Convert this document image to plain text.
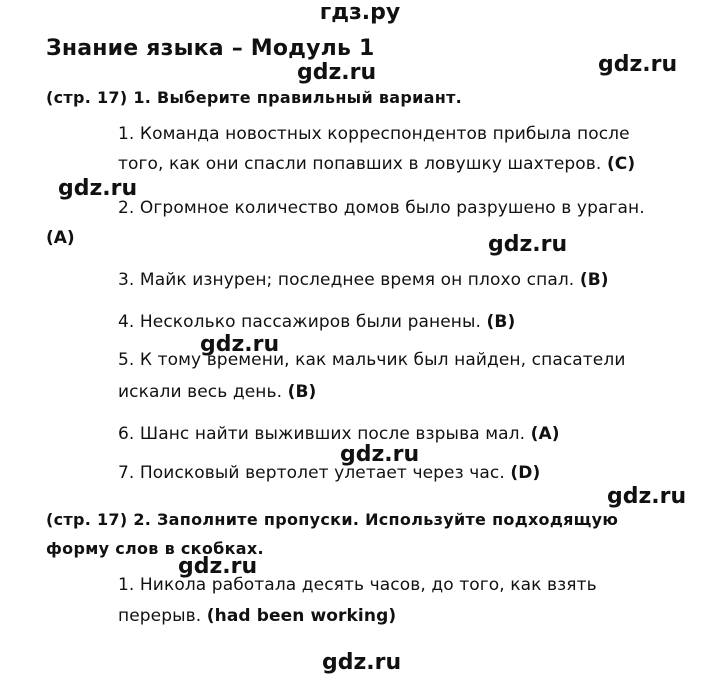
гдз.ру
Знание языка – Модуль 1
gdz.ru	gdz.ru
(стр. 17) 1. Выберите правильный вариант.
1. Команда новостных корреспондентов прибыла после
того, как они спасли попавших в ловушку шахтеров. (C)
gdz.ru
2. Огромное количество домов было разрушено в ураган.
(A)	gdz.ru
3. Майк изнурен; последнее время он плохо спал. (B)
4. Несколько пассажиров были ранены. (B)
gdz.ru
5. К тому времени, как мальчик был найден, спасатели
искали весь день. (B)
6. Шанс найти выживших после взрыва мал. (A)
gdz.ru
7. Поисковый вертолет улетает через час. (D)
gdz.ru
(стр. 17) 2. Заполните пропуски. Используйте подходящую
форму слов в скобках.
gdz.ru
1. Никола работала десять часов, до того, как взять
перерыв. (had been working)
gdz.ru
